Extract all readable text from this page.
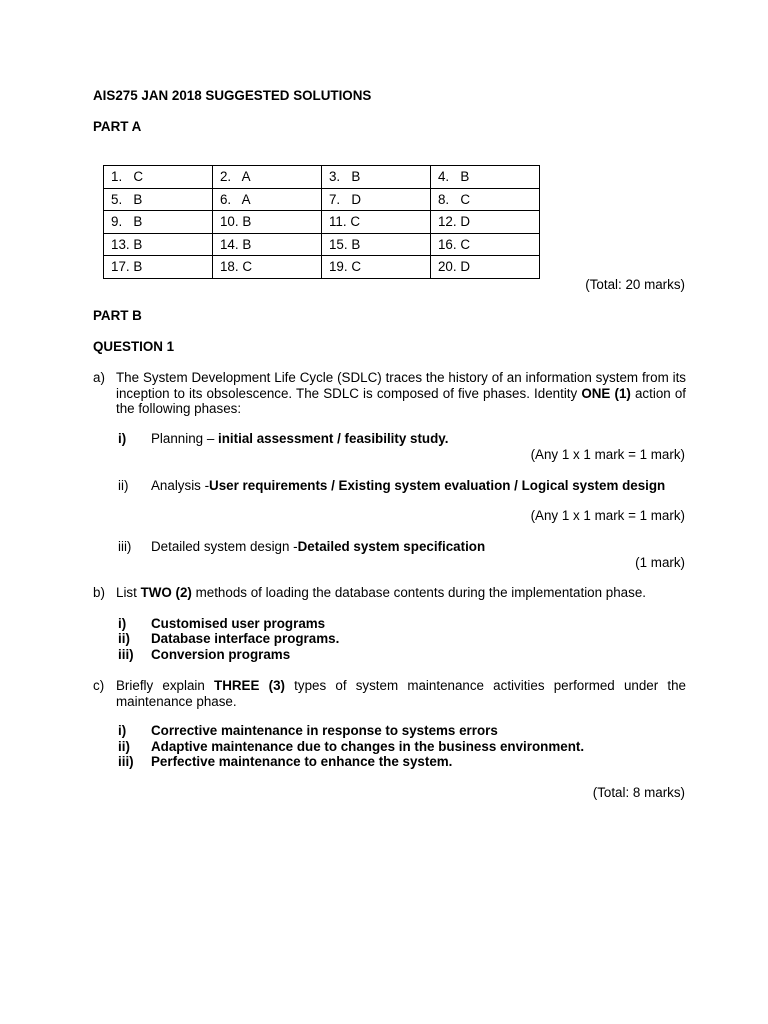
AIS275 JAN 2018 SUGGESTED SOLUTIONS
PART A
1.   C	2.   A	3.   B	4.   B
5.   B	6.   A	7.   D	8.   C
9.   B	10. B	11. C	12. D
13. B	14. B	15. B	16. C
17. B	18. C	19. C	20. D
(Total: 20 marks)
PART B
QUESTION 1
a) The System Development Life Cycle (SDLC) traces the history of an information system from its inception to its obsolescence. The SDLC is composed of five phases. Identity ONE (1) action of the following phases:
i)	Planning – initial assessment / feasibility study.
(Any 1 x 1 mark = 1 mark)
ii)	Analysis -User requirements / Existing system evaluation / Logical system design
(Any 1 x 1 mark = 1 mark)
iii)	Detailed system design -Detailed system specification
(1 mark)
b) List TWO (2) methods of loading the database contents during the implementation phase.
i)	Customised user programs
ii)	Database interface programs.
iii)	Conversion programs
c) Briefly explain THREE (3) types of system maintenance activities performed under the maintenance phase.
i)	Corrective maintenance in response to systems errors
ii)	Adaptive maintenance due to changes in the business environment.
iii)	Perfective maintenance to enhance the system.
(Total: 8 marks)
